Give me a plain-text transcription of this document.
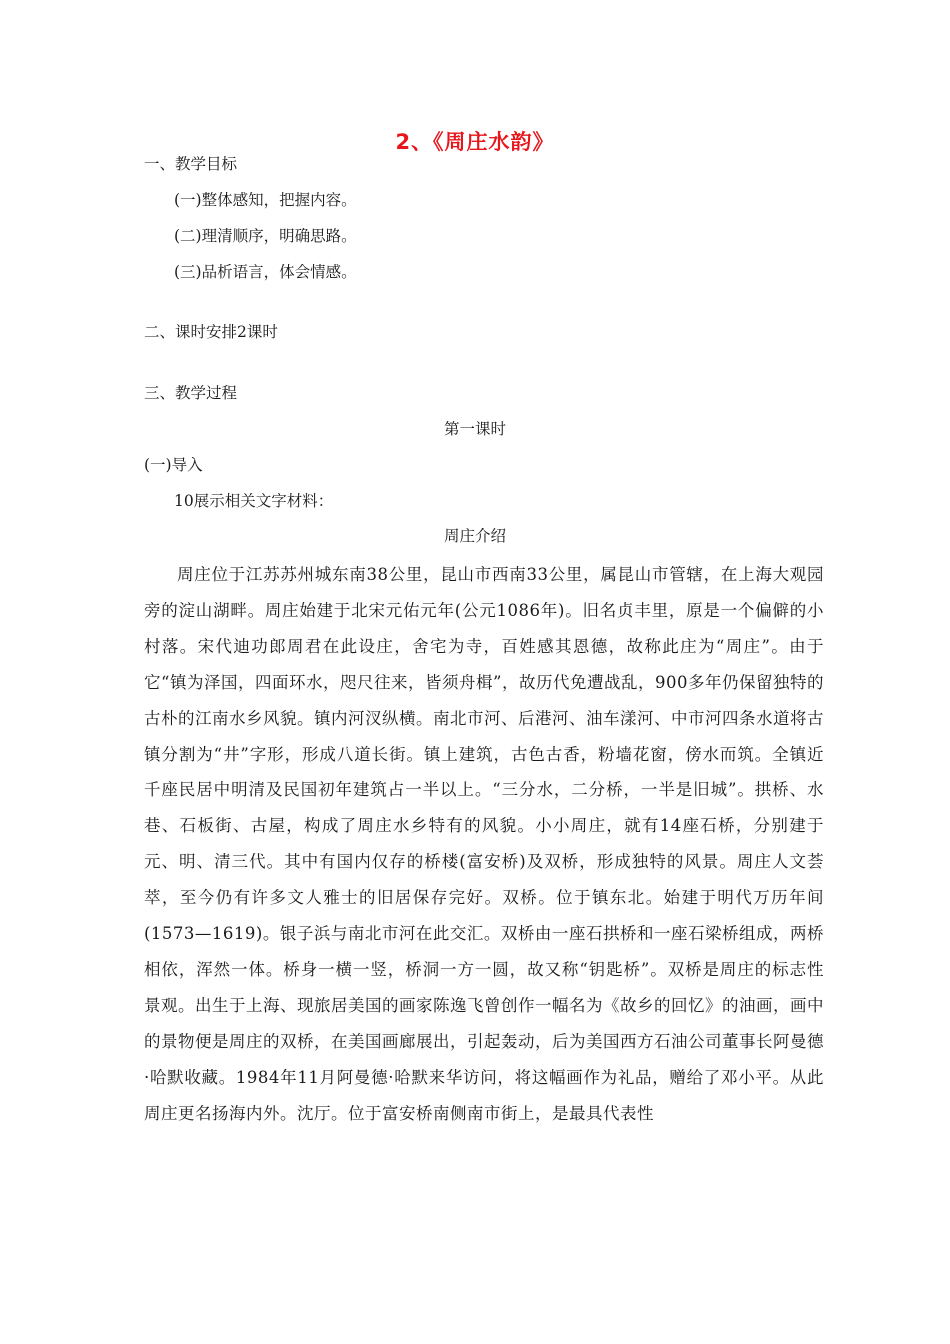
2、《周庄水韵》
一、教学目标
(一)整体感知，把握内容。
(二)理清顺序，明确思路。
(三)品析语言，体会情感。
二、课时安排2课时
三、教学过程
第一课时
(一)导入
10展示相关文字材料：
周庄介绍
周庄位于江苏苏州城东南38公里，昆山市西南33公里，属昆山市管辖，在上海大观园旁的淀山湖畔。周庄始建于北宋元佑元年(公元1086年)。旧名贞丰里，原是一个偏僻的小村落。宋代迪功郎周君在此设庄，舍宅为寺，百姓感其恩德，故称此庄为“周庄”。由于它“镇为泽国，四面环水，咫尺往来，皆须舟楫”，故历代免遭战乱，900多年仍保留独特的古朴的江南水乡风貌。镇内河汊纵横。南北市河、后港河、油车漾河、中市河四条水道将古镇分割为“井”字形，形成八道长街。镇上建筑，古色古香，粉墙花窗，傍水而筑。全镇近千座民居中明清及民国初年建筑占一半以上。“三分水，二分桥，一半是旧城”。拱桥、水巷、石板街、古屋，构成了周庄水乡特有的风貌。小小周庄，就有14座石桥，分别建于元、明、清三代。其中有国内仅存的桥楼(富安桥)及双桥，形成独特的风景。周庄人文荟萃，至今仍有许多文人雅士的旧居保存完好。双桥。位于镇东北。始建于明代万历年间(1573—1619)。银子浜与南北市河在此交汇。双桥由一座石拱桥和一座石梁桥组成，两桥相依，浑然一体。桥身一横一竖，桥洞一方一圆，故又称“钥匙桥”。双桥是周庄的标志性景观。出生于上海、现旅居美国的画家陈逸飞曾创作一幅名为《故乡的回忆》的油画，画中的景物便是周庄的双桥，在美国画廊展出，引起轰动，后为美国西方石油公司董事长阿曼德·哈默收藏。1984年11月阿曼德·哈默来华访问，将这幅画作为礼品，赠给了邓小平。从此周庄更名扬海内外。沈厅。位于富安桥南侧南市街上，是最具代表性
